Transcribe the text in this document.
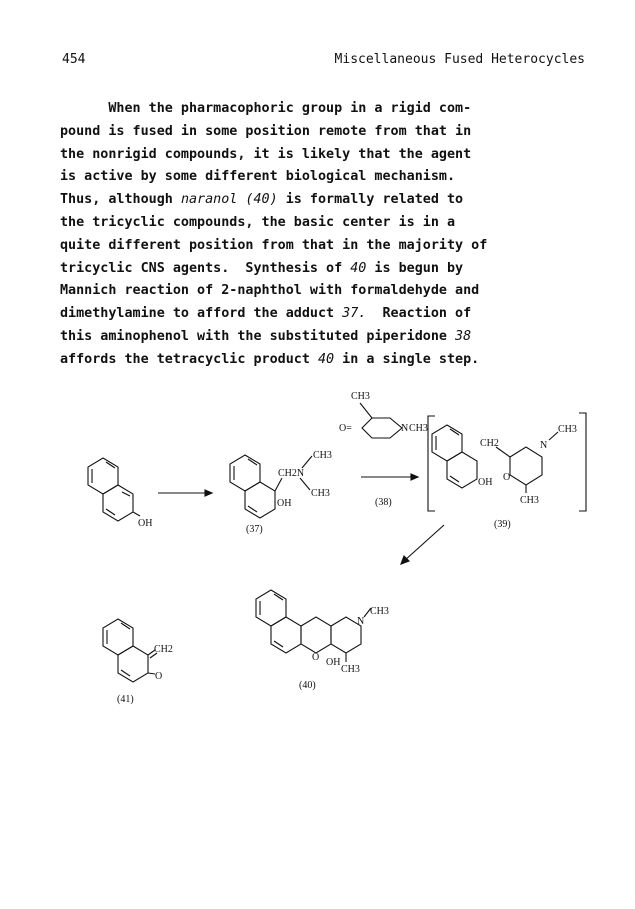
454	Miscellaneous Fused Heterocycles
When the pharmacophoric group in a rigid com-
pound is fused in some position remote from that in
the nonrigid compounds, it is likely that the agent
is active by some different biological mechanism.
Thus, although naranol (40) is formally related to
the tricyclic compounds, the basic center is in a
quite different position from that in the majority of
tricyclic CNS agents.  Synthesis of 40 is begun by
Mannich reaction of 2-naphthol with formaldehyde and
dimethylamine to afford the adduct 37.  Reaction of
this aminophenol with the substituted piperidone 38
affords the tetracyclic product 40 in a single step.
OH
CH2N
CH3
CH3
OH
(37)
CH3
O=	N CH3
(38)
CH2	N
CH3
O
CH3
OH
(39)
O
N
CH3
OH
CH3
(40)
CH2
O
(41)
